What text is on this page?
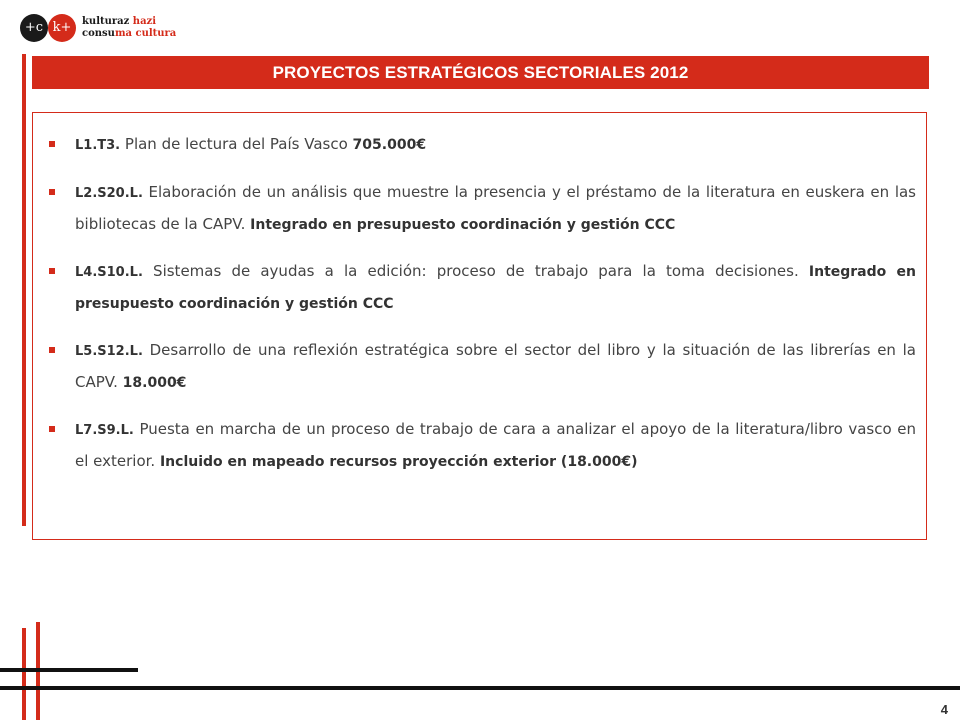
+c k+	kulturaz hazi
consuma cultura
PROYECTOS ESTRATÉGICOS SECTORIALES 2012
L1.T3. Plan de lectura del País Vasco 705.000€
L2.S20.L. Elaboración de un análisis que muestre la presencia y el préstamo de la literatura en euskera en las bibliotecas de la CAPV. Integrado en presupuesto coordinación y gestión CCC
L4.S10.L. Sistemas de ayudas a la edición: proceso de trabajo para la toma decisiones. Integrado en presupuesto coordinación y gestión CCC
L5.S12.L. Desarrollo de una reflexión estratégica sobre el sector del libro y la situación de las librerías en la CAPV. 18.000€
L7.S9.L. Puesta en marcha de un proceso de trabajo de cara a analizar el apoyo de la literatura/libro vasco en el exterior. Incluido en mapeado recursos proyección exterior (18.000€)
4
